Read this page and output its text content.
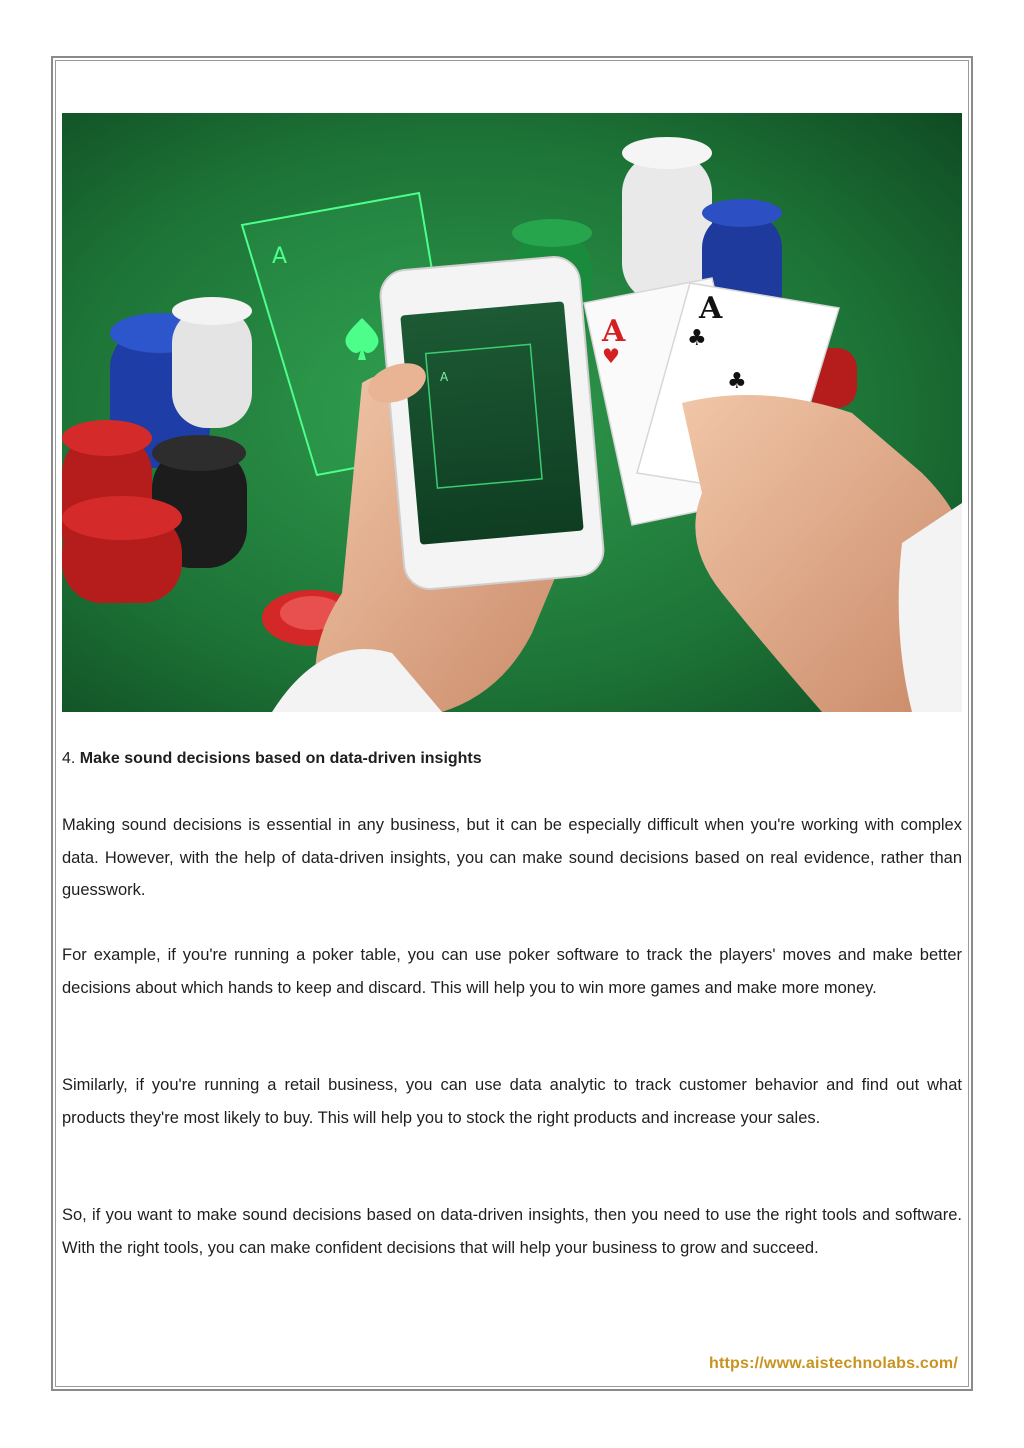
A
A
A
♥
A
♣
♣
4. Make sound decisions based on data-driven insights

Making sound decisions is essential in any business, but it can be especially difficult when you're working with complex data. However, with the help of data-driven insights, you can make sound decisions based on real evidence, rather than guesswork.

For example, if you're running a poker table, you can use poker software to track the players' moves and make better decisions about which hands to keep and discard. This will help you to win more games and make more money.

Similarly, if you're running a retail business, you can use data analytic to track customer behavior and find out what products they're most likely to buy. This will help you to stock the right products and increase your sales.

So, if you want to make sound decisions based on data-driven insights, then you need to use the right tools and software. With the right tools, you can make confident decisions that will help your business to grow and succeed.

https://www.aistechnolabs.com/
